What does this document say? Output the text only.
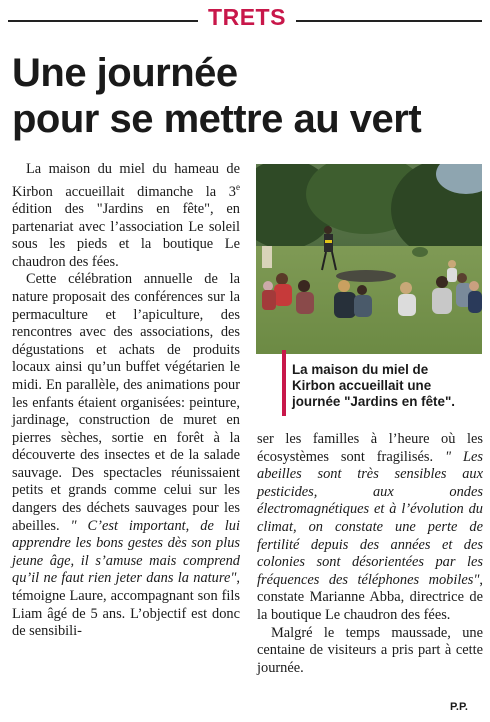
TRETS
Une journée
pour se mettre au vert

La maison du miel du hameau de Kirbon accueillait dimanche la 3e édition des "Jardins en fête", en partenariat avec l’association Le soleil sous les pieds et la boutique Le chaudron des fées.

Cette célébration annuelle de la nature proposait des conférences sur la permaculture et l’apiculture, des rencontres avec des associations, des dégustations et achats de produits locaux ainsi qu’un buffet végétarien le midi. En parallèle, des animations pour les enfants étaient organisées: peinture, jardinage, construction de muret en pierres sèches, sortie en forêt à la découverte des insectes et de la salade sauvage. Des spectacles réunissaient petits et grands comme celui sur les dangers des déchets sauvages pour les abeilles. " C’est important, de lui apprendre les bons gestes dès son plus jeune âge, il s’amuse mais comprend qu’il ne faut rien jeter dans la nature", témoigne Laure, accompagnant son fils Liam âgé de 5 ans. L’objectif est donc de sensibili-

La maison du miel de
Kirbon accueillait une
journée "Jardins en fête".

ser les familles à l’heure où les écosystèmes sont fragilisés. " Les abeilles sont très sensibles aux pesticides, aux ondes électromagnétiques et à l’évolution du climat, on constate une perte de fertilité depuis des années et des colonies sont désorientées par les fréquences des téléphones mobiles", constate Marianne Abba, directrice de la boutique Le chaudron des fées.

Malgré le temps maussade, une centaine de visiteurs a pris part à cette journée.

P.P.
